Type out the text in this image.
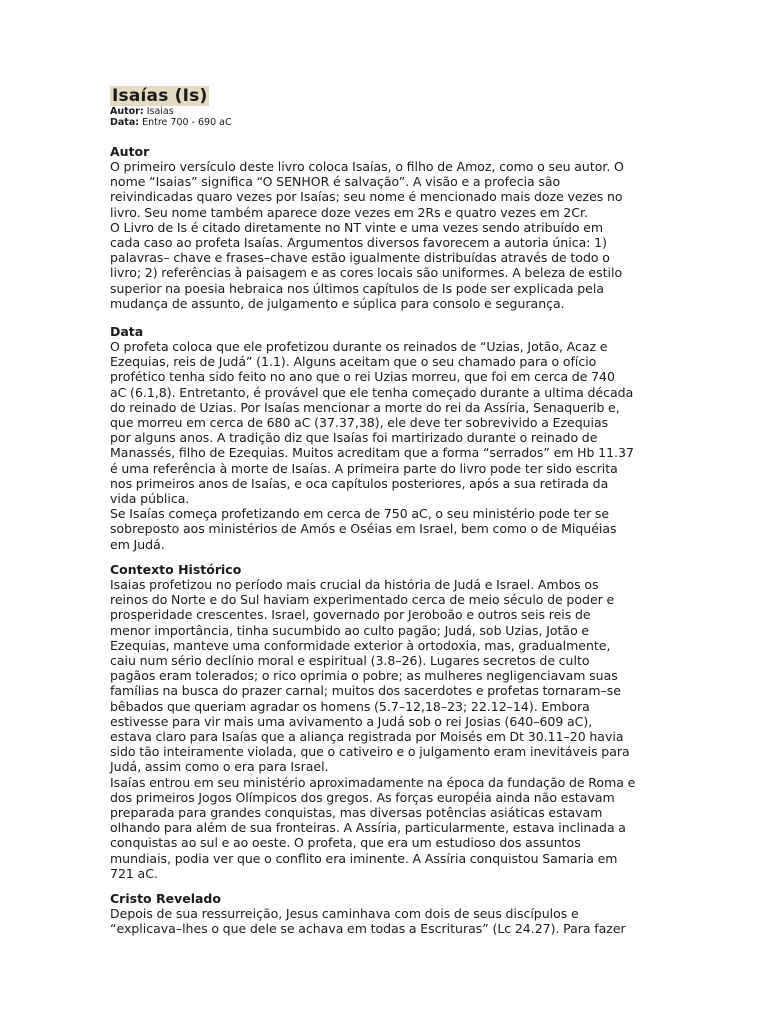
Isaías (Is)
Autor: Isaias
Data: Entre 700 - 690 aC
Autor

O primeiro versículo deste livro coloca Isaías, o filho de Amoz, como o seu autor. O
nome “Isaias” significa “O SENHOR é salvação”. A visão e a profecia são
reivindicadas quaro vezes por Isaías; seu nome é mencionado mais doze vezes no
livro. Seu nome também aparece doze vezes em 2Rs e quatro vezes em 2Cr.

O Livro de Is é citado diretamente no NT vinte e uma vezes sendo atribuído em
cada caso ao profeta Isaías. Argumentos diversos favorecem a autoria única: 1)
palavras– chave e frases–chave estão igualmente distribuídas através de todo o
livro; 2) referências à paisagem e as cores locais são uniformes. A beleza de estilo
superior na poesia hebraica nos últimos capítulos de Is pode ser explicada pela
mudança de assunto, de julgamento e súplica para consolo e segurança.

Data

O profeta coloca que ele profetizou durante os reinados de “Uzias, Jotão, Acaz e
Ezequias, reis de Judá” (1.1). Alguns aceitam que o seu chamado para o ofício
profético tenha sido feito no ano que o rei Uzias morreu, que foi em cerca de 740
aC (6.1,8). Entretanto, é provável que ele tenha começado durante a ultima década
do reinado de Uzias. Por Isaías mencionar a morte do rei da Assíria, Senaquerib e,
que morreu em cerca de 680 aC (37.37,38), ele deve ter sobrevivido a Ezequias
por alguns anos. A tradição diz que Isaías foi martirizado durante o reinado de
Manassés, filho de Ezequias. Muitos acreditam que a forma “serrados” em Hb 11.37
é uma referência à morte de Isaías. A primeira parte do livro pode ter sido escrita
nos primeiros anos de Isaías, e oca capítulos posteriores, após a sua retirada da
vida pública.

Se Isaías começa profetizando em cerca de 750 aC, o seu ministério pode ter se
sobreposto aos ministérios de Amós e Oséias em Israel, bem como o de Miquéias
em Judá.

Contexto Histórico

Isaias profetizou no período mais crucial da história de Judá e Israel. Ambos os
reinos do Norte e do Sul haviam experimentado cerca de meio século de poder e
prosperidade crescentes. Israel, governado por Jeroboão e outros seis reis de
menor importância, tinha sucumbido ao culto pagão; Judá, sob Uzias, Jotão e
Ezequias, manteve uma conformidade exterior à ortodoxia, mas, gradualmente,
caiu num sério declínio moral e espiritual (3.8–26). Lugares secretos de culto
pagãos eram tolerados; o rico oprimia o pobre; as mulheres negligenciavam suas
famílias na busca do prazer carnal; muitos dos sacerdotes e profetas tornaram–se
bêbados que queriam agradar os homens (5.7–12,18–23; 22.12–14). Embora
estivesse para vir mais uma avivamento a Judá sob o rei Josias (640–609 aC),
estava claro para Isaías que a aliança registrada por Moisés em Dt 30.11–20 havia
sido tão inteiramente violada, que o cativeiro e o julgamento eram inevitáveis para
Judá, assim como o era para Israel.

Isaías entrou em seu ministério aproximadamente na época da fundação de Roma e
dos primeiros Jogos Olímpicos dos gregos. As forças européia ainda não estavam
preparada para grandes conquistas, mas diversas potências asiáticas estavam
olhando para além de sua fronteiras. A Assíria, particularmente, estava inclinada a
conquistas ao sul e ao oeste. O profeta, que era um estudioso dos assuntos
mundiais, podia ver que o conflito era iminente. A Assíria conquistou Samaria em
721 aC.

Cristo Revelado

Depois de sua ressurreição, Jesus caminhava com dois de seus discípulos e
“explicava–lhes o que dele se achava em todas a Escrituras” (Lc 24.27). Para fazer
